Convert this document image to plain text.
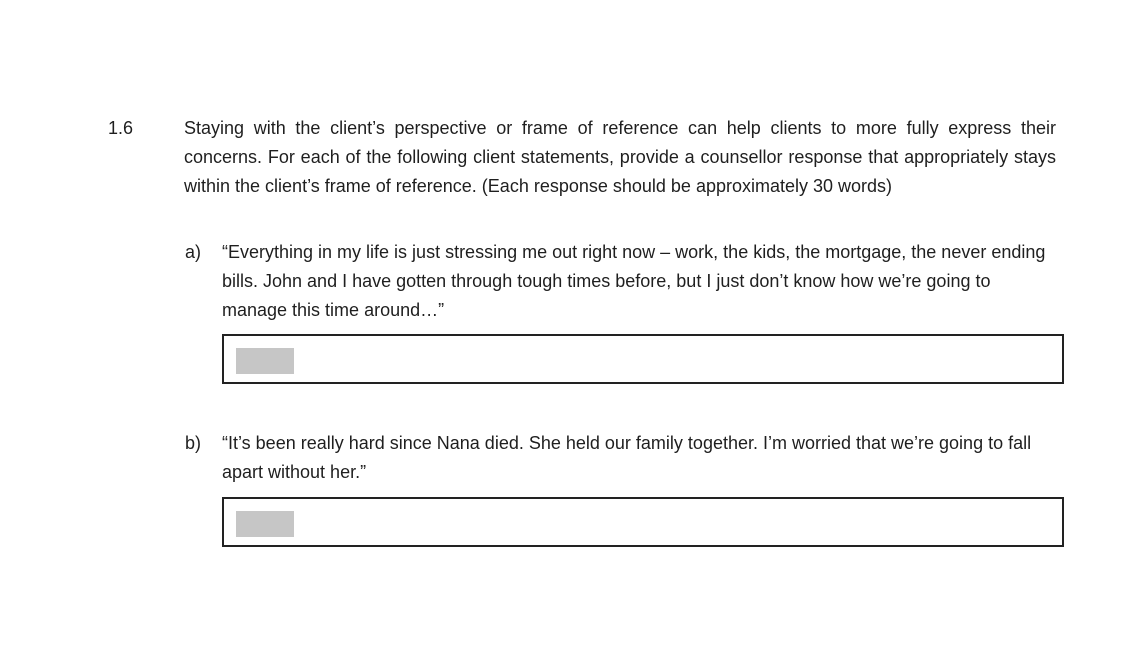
1.6	Staying with the client’s perspective or frame of reference can help clients to more fully express their concerns. For each of the following client statements, provide a counsellor response that appropriately stays within the client’s frame of reference. (Each response should be approximately 30 words)
a) “Everything in my life is just stressing me out right now – work, the kids, the mortgage, the never ending bills. John and I have gotten through tough times before, but I just don’t know how we’re going to manage this time around…”
b) “It’s been really hard since Nana died. She held our family together. I’m worried that we’re going to fall apart without her.”
